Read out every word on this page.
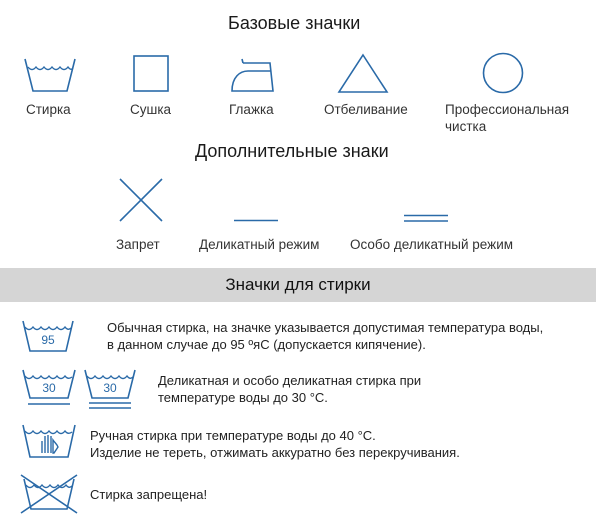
Базовые значки
Стирка	Сушка	Глажка	Отбеливание	Профессиональная
чистка
Дополнительные знаки
Запрет	Деликатный режим Особо деликатный режим
Значки для стирки
95
Обычная стирка, на значке указывается допустимая температура воды,
в данном случае до 95 ºяС (допускается кипячение).
30	30	Деликатная и особо деликатная стирка при
температуре воды до 30 °C.
Ручная стирка при температуре воды до 40 °C.
Изделие не тереть, отжимать аккуратно без перекручивания.
Стирка запрещена!
